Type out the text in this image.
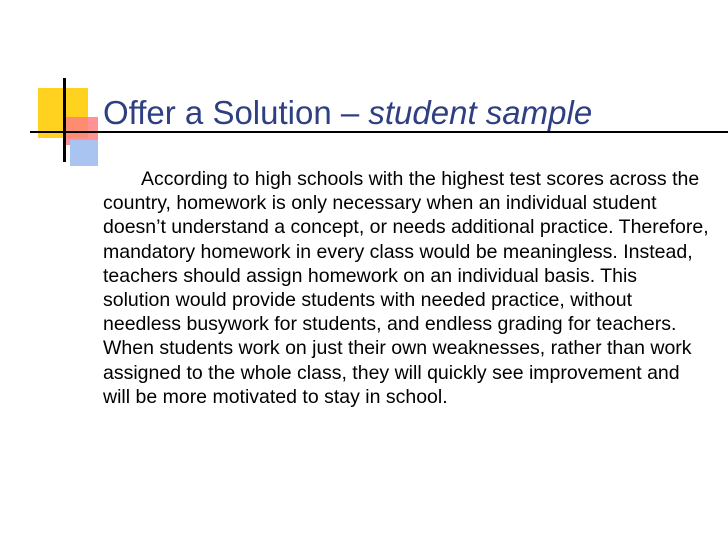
Offer a Solution – student sample

According to high schools with the highest test scores across the country, homework is only necessary when an individual student doesn’t understand a concept, or needs additional practice. Therefore, mandatory homework in every class would be meaningless. Instead, teachers should assign homework on an individual basis. This solution would provide students with needed practice, without needless busywork for students, and endless grading for teachers. When students work on just their own weaknesses, rather than work assigned to the whole class, they will quickly see improvement and will be more motivated to stay in school.
